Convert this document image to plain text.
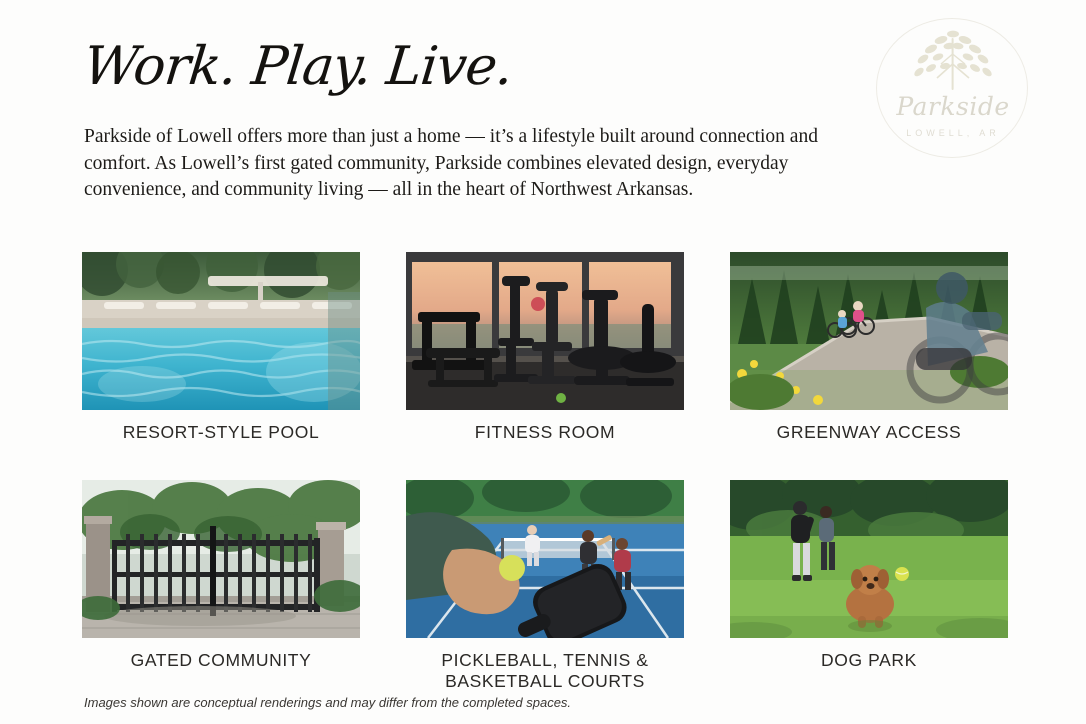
Parkside
LOWELL, AR
Work. Play. Live.

Parkside of Lowell offers more than just a home — it’s a lifestyle built around connection and comfort. As Lowell’s first gated community, Parkside combines elevated design, everyday convenience, and community living — all in the heart of Northwest Arkansas.

RESORT-STYLE POOL	FITNESS ROOM	GREENWAY ACCESS
GATED COMMUNITY	PICKLEBALL, TENNIS & BASKETBALL COURTS
DOG PARK
Images shown are conceptual renderings and may differ from the completed spaces.
